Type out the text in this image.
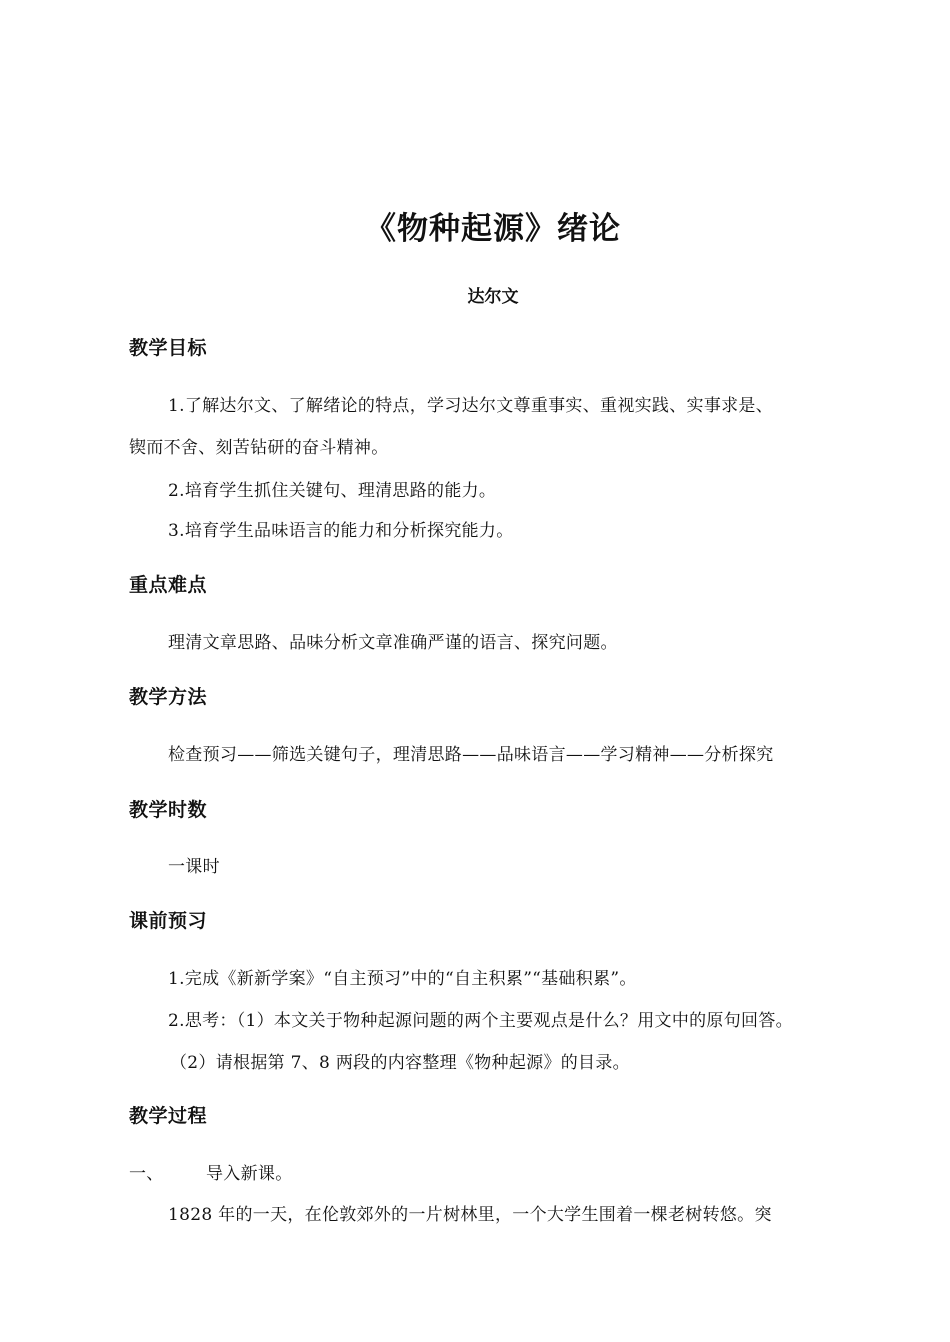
《物种起源》绪论
达尔文
教学目标
1.了解达尔文、了解绪论的特点，学习达尔文尊重事实、重视实践、实事求是、
锲而不舍、刻苦钻研的奋斗精神。
2.培育学生抓住关键句、理清思路的能力。
3.培育学生品味语言的能力和分析探究能力。
重点难点
理清文章思路、品味分析文章准确严谨的语言、探究问题。
教学方法
检查预习——筛选关键句子，理清思路——品味语言——学习精神——分析探究
教学时数
一课时
课前预习
1.完成《新新学案》“自主预习”中的“自主积累”“基础积累”。
2.思考：（1）本文关于物种起源问题的两个主要观点是什么？用文中的原句回答。
（2）请根据第 7、8 两段的内容整理《物种起源》的目录。
教学过程
一、 导入新课。
1828 年的一天，在伦敦郊外的一片树林里，一个大学生围着一棵老树转悠。突
